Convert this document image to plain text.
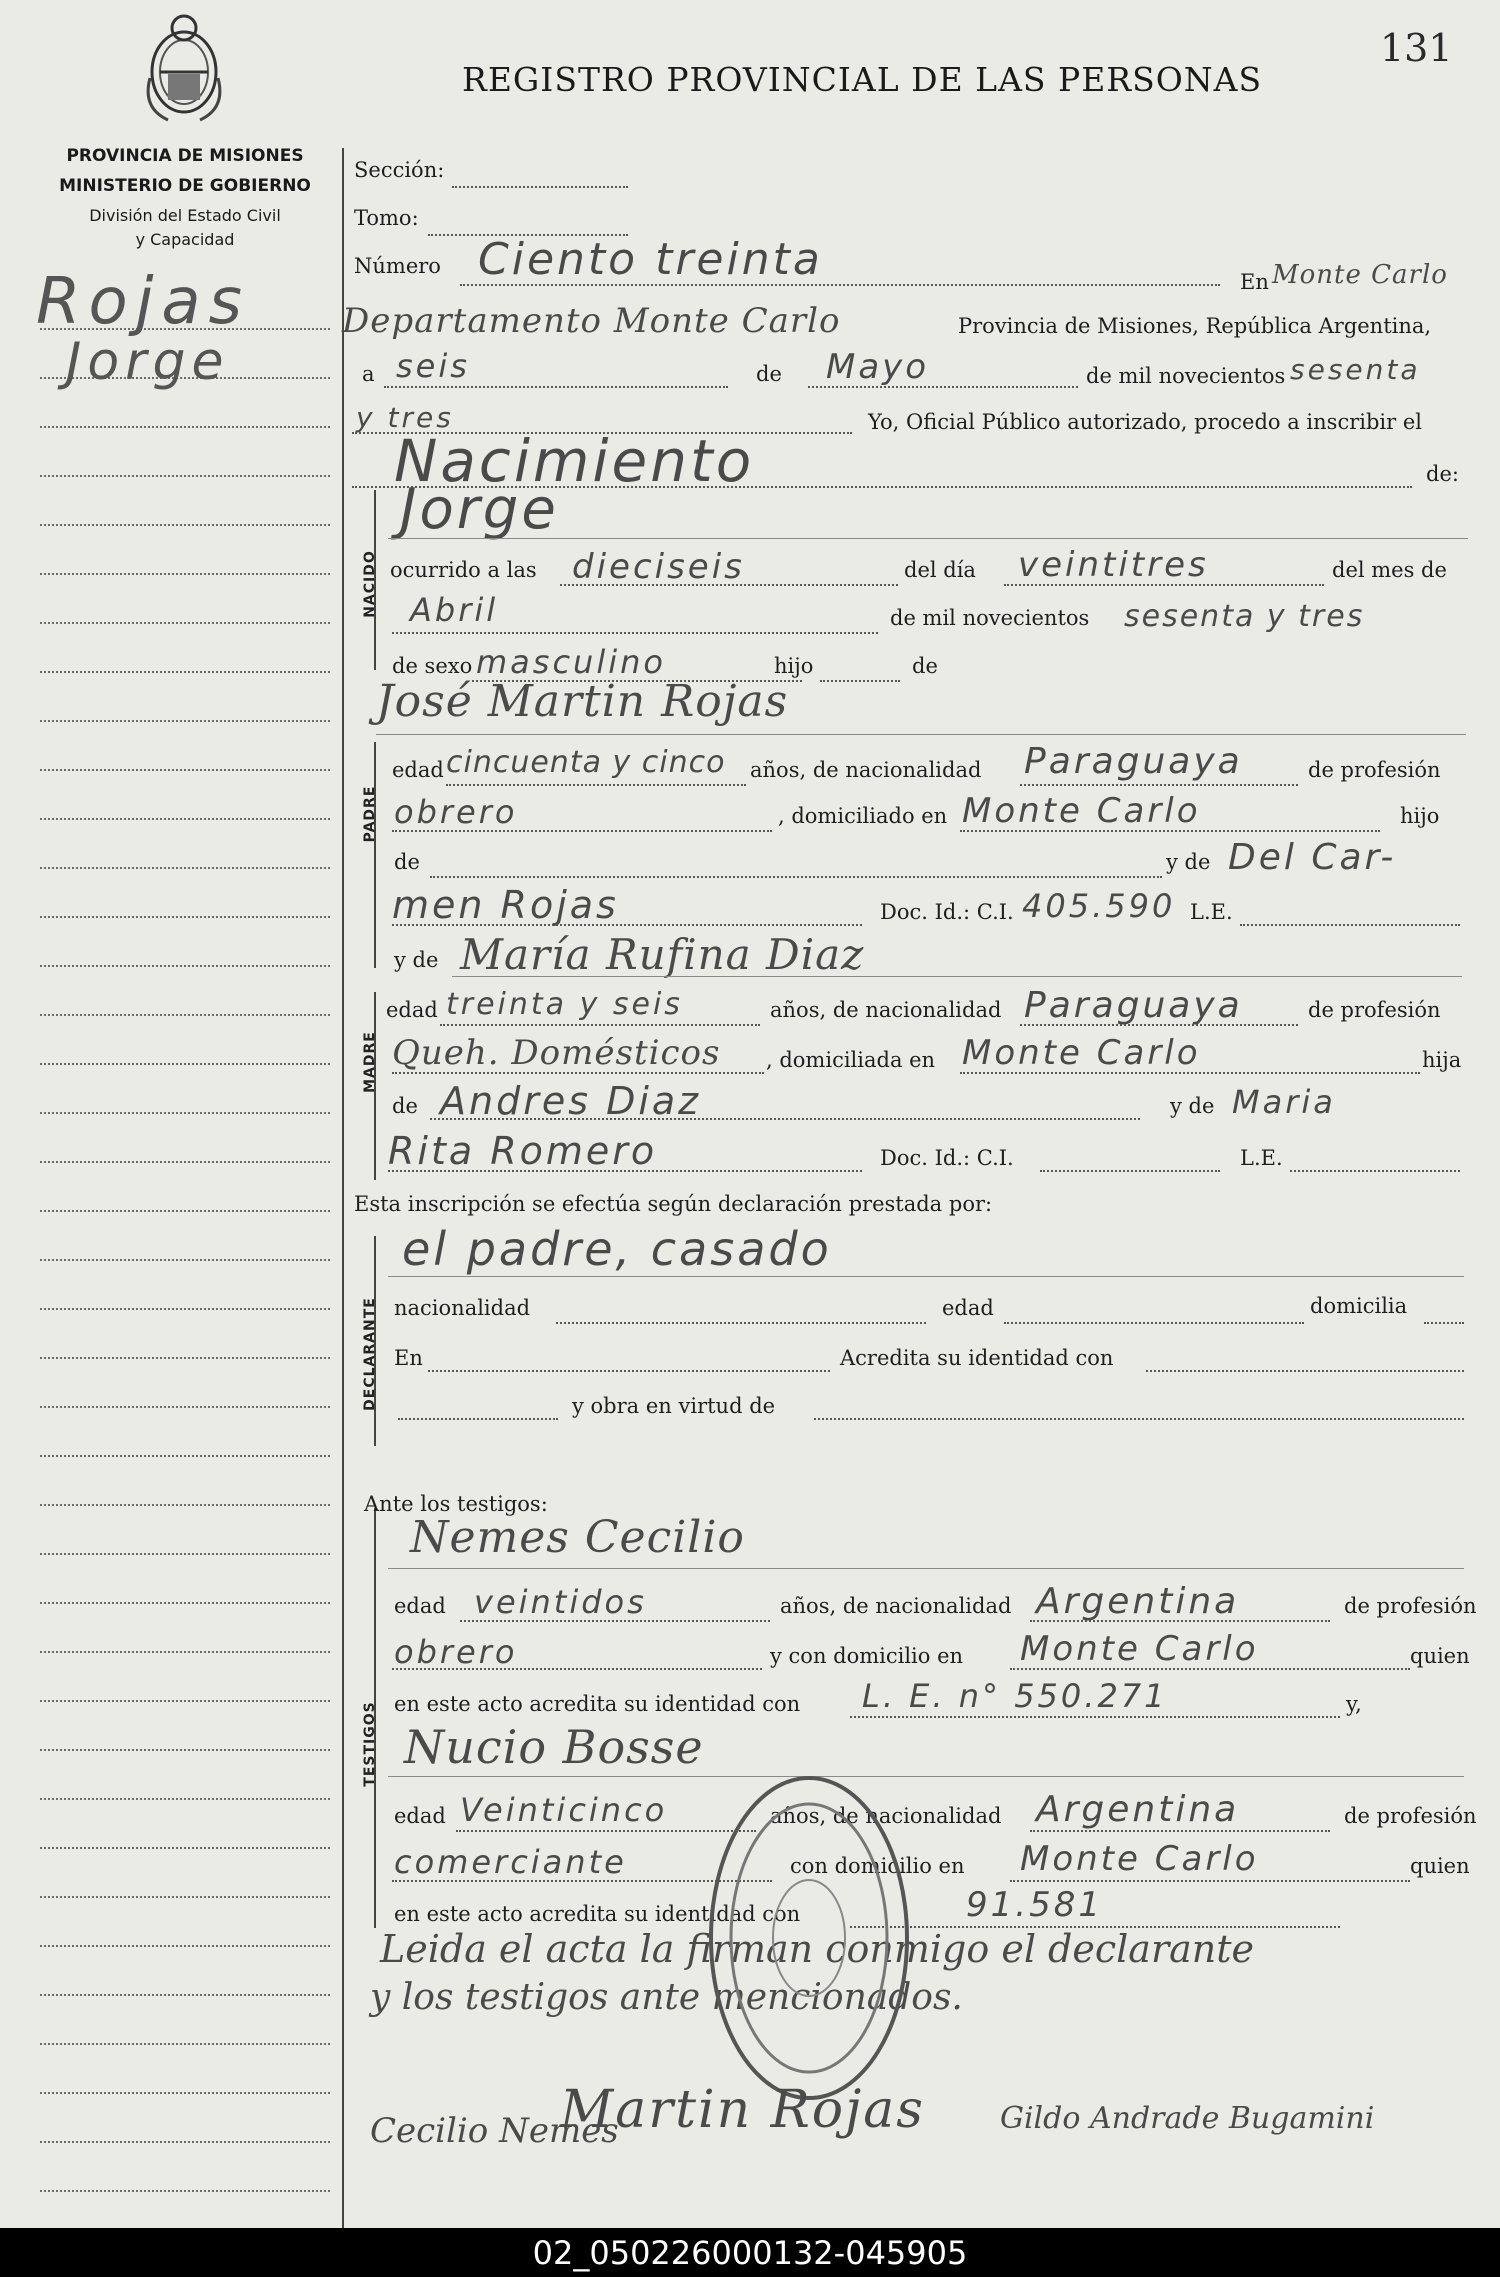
PROVINCIA DE MISIONES
MINISTERIO DE GOBIERNO
División del Estado Civil
y Capacidad
REGISTRO PROVINCIAL DE LAS PERSONAS
131
Rojas
Jorge
NACIDO
PADRE
MADRE
DECLARANTE
TESTIGOS
Sección:
Tomo:
Número Ciento treinta	En Monte Carlo
Departamento Monte Carlo	Provincia de Misiones, República Argentina,
a seis	de Mayo	de mil novecientos sesenta
y tres	Yo, Oficial Público autorizado, procedo a inscribir el
Nacimiento	de:
Jorge
ocurrido a las dieciseis	del día veintitres	del mes de
Abril	de mil novecientos sesenta y tres
de sexo masculino	hijo	de
José Martin Rojas
edad cincuenta y cinco años, de nacionalidad Paraguaya	de profesión
obrero	, domiciliado en Monte Carlo	hijo
de	y de Del Car-
men Rojas	Doc. Id.: C.I. 405.590 L.E.
y de María Rufina Diaz
edad treinta y seis	años, de nacionalidad Paraguaya	de profesión
Queh. Domésticos , domiciliada en Monte Carlo	hija
de Andres Diaz	y de Maria
Rita Romero	Doc. Id.: C.I.	L.E.
Esta inscripción se efectúa según declaración prestada por:
el padre, casado
nacionalidad	edad	domicilia
En	Acredita su identidad con
y obra en virtud de
Ante los testigos:
Nemes Cecilio
edad veintidos	años, de nacionalidad Argentina	de profesión
obrero	y con domicilio en Monte Carlo	quien
en este acto acredita su identidad con L. E. n° 550.271	y,
Nucio Bosse
edad Veinticinco	años, de nacionalidad Argentina	de profesión
comerciante	con domicilio en Monte Carlo	quien
en este acto acredita su identidad con	91.581
Leida el acta la firman conmigo el declarante
y los testigos ante mencionados.
Cecilio Nemes
Martin Rojas	Gildo Andrade Bugamini
02_050226000132-045905
